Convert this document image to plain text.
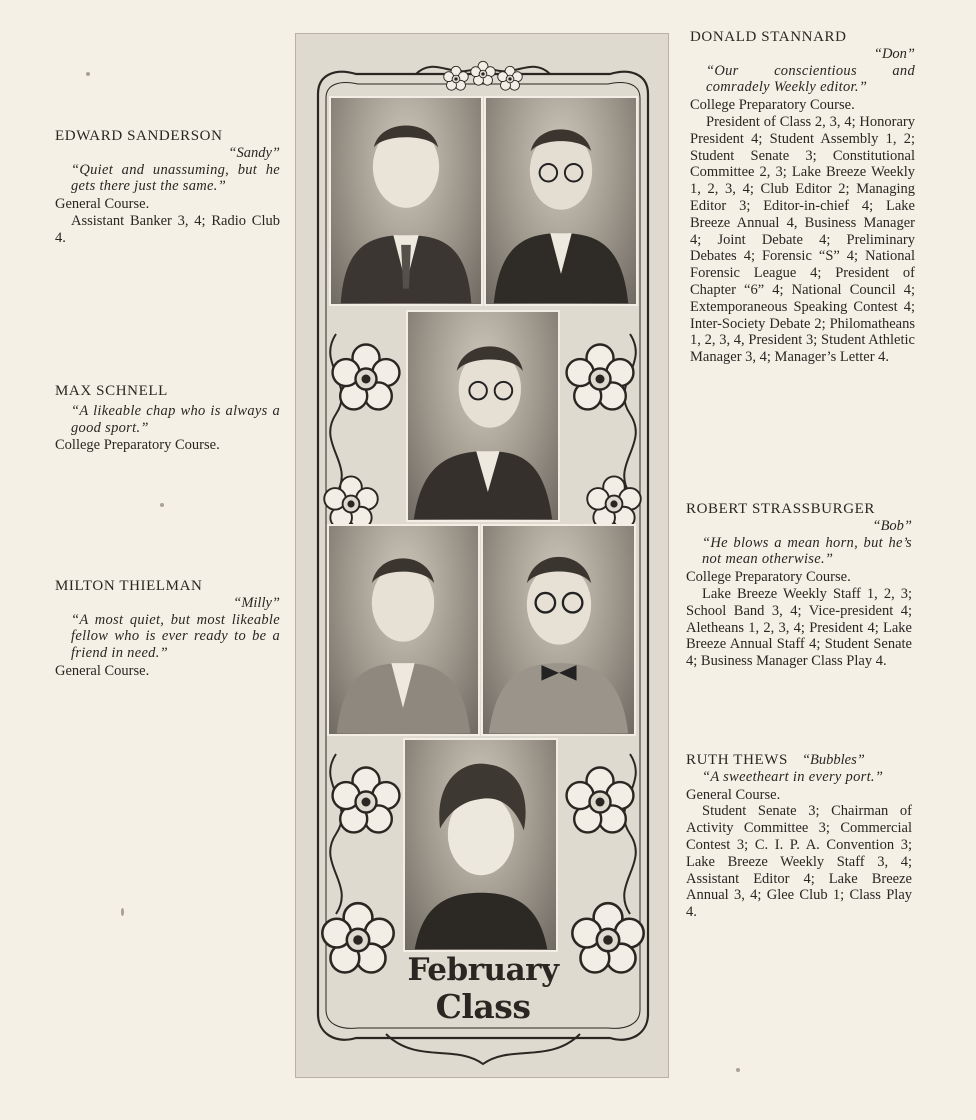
EDWARD SANDERSON
“Sandy”
“Quiet and unassuming, but he gets there just the same.”
General Course.
Assistant Banker 3, 4; Radio Club 4.
MAX SCHNELL
“A likeable chap who is always a good sport.”
College Preparatory Course.
MILTON THIELMAN
“Milly”
“A most quiet, but most likeable fellow who is ever ready to be a friend in need.”
General Course.
DONALD STANNARD
“Don”
“Our conscientious and comradely Weekly editor.”
College Preparatory Course.
President of Class 2, 3, 4; Honorary President 4; Student Assembly 1, 2; Student Senate 3; Constitutional Committee 2, 3; Lake Breeze Weekly 1, 2, 3, 4; Club Editor 2; Managing Editor 3; Editor-in-chief 4; Lake Breeze Annual 4, Business Manager 4; Joint Debate 4; Preliminary Debates 4; Forensic “S” 4; National Forensic League 4; President of Chapter “6” 4; National Council 4; Extemporaneous Speaking Contest 4; Inter-Society Debate 2; Philomatheans 1, 2, 3, 4, President 3; Student Athletic Manager 3, 4; Manager’s Letter 4.
ROBERT STRASSBURGER
“Bob”
“He blows a mean horn, but he’s not mean otherwise.”
College Preparatory Course.
Lake Breeze Weekly Staff 1, 2, 3; School Band 3, 4; Vice-president 4; Aletheans 1, 2, 3, 4; President 4; Lake Breeze Annual Staff 4; Student Senate 4; Business Manager Class Play 4.
RUTH THEWS “Bubbles”
“A sweetheart in every port.”
General Course.
Student Senate 3; Chairman of Activity Committee 3; Commercial Contest 3; C. I. P. A. Convention 3; Lake Breeze Weekly Staff 3, 4; Assistant Editor 4; Lake Breeze Annual 3, 4; Glee Club 1; Class Play 4.
February
Class
